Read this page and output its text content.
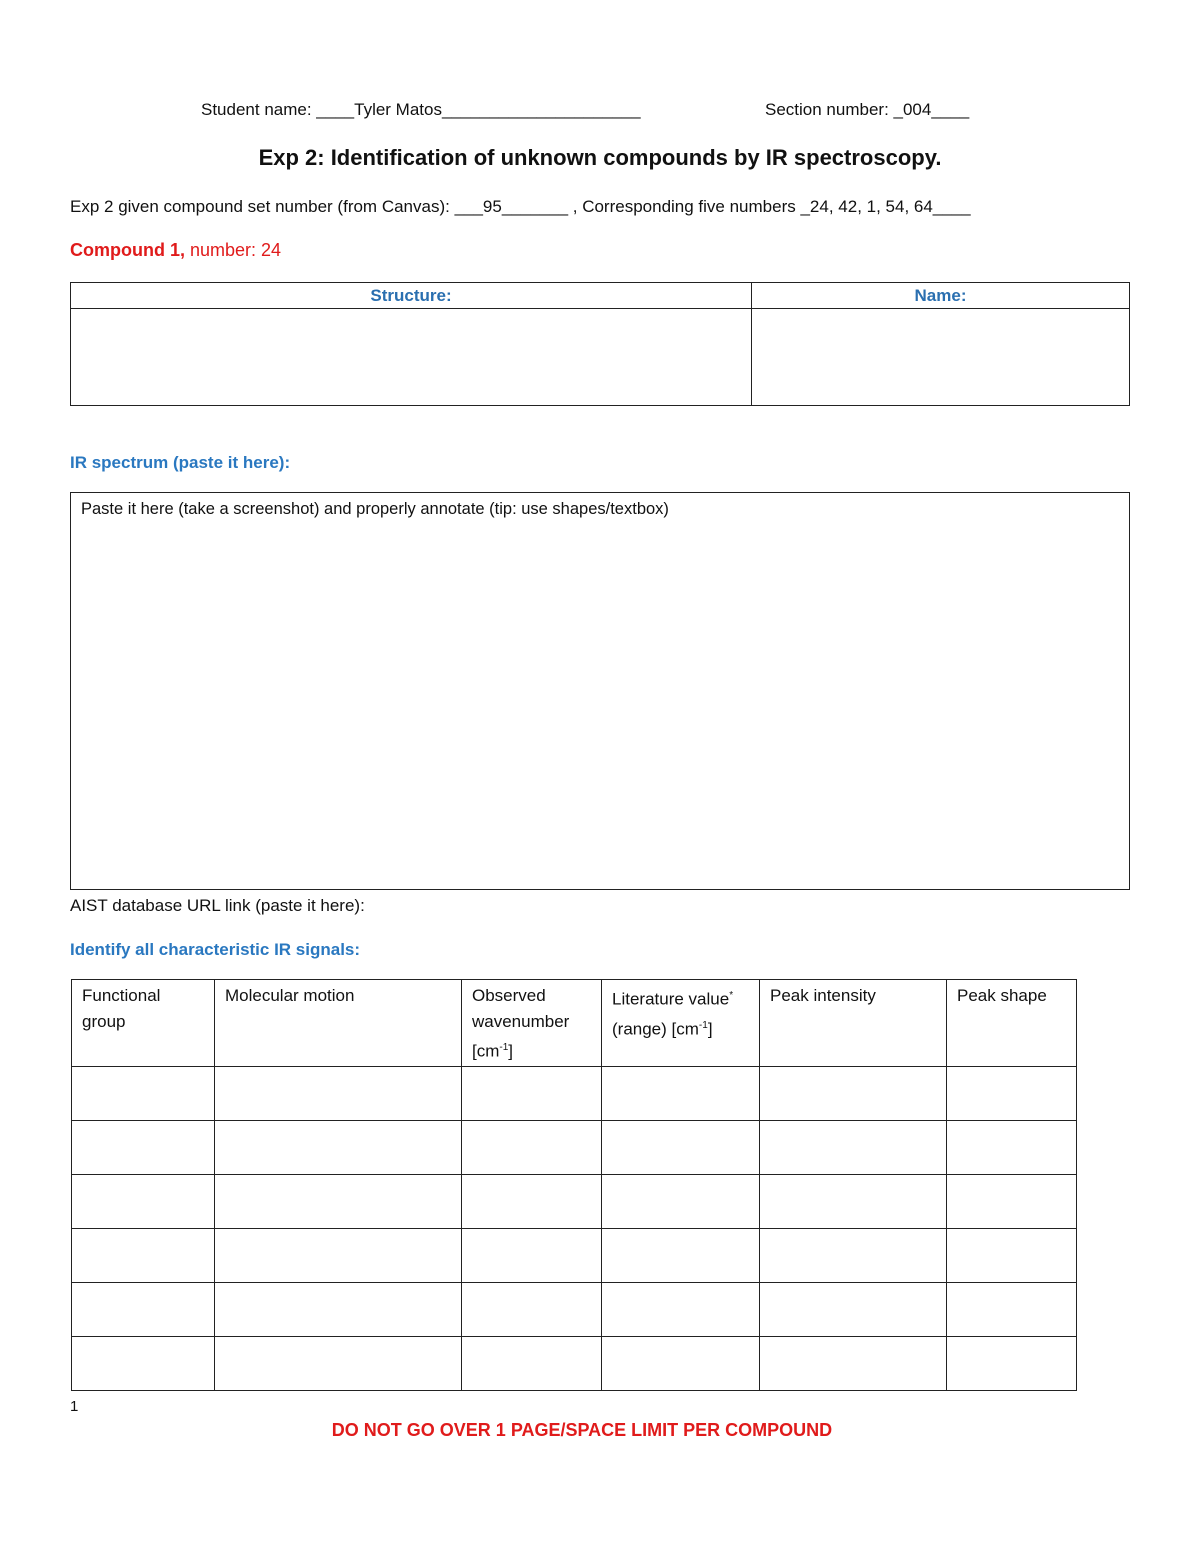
Student name: ____Tyler Matos_____________________	Section number: _004____
Exp 2: Identification of unknown compounds by IR spectroscopy.
Exp 2 given compound set number (from Canvas): ___95_______ , Corresponding five numbers _24, 42, 1, 54, 64____
Compound 1, number: 24
Structure:	Name:

IR spectrum (paste it here):
Paste it here (take a screenshot) and properly annotate (tip: use shapes/textbox)
AIST database URL link (paste it here):
Identify all characteristic IR signals:
Functional group	Molecular motion	Observed wavenumber $[cm^{-1}]$	Literature value* (range) $[cm^{-1}]$	Peak intensity	Peak shape

1
DO NOT GO OVER 1 PAGE/SPACE LIMIT PER COMPOUND
